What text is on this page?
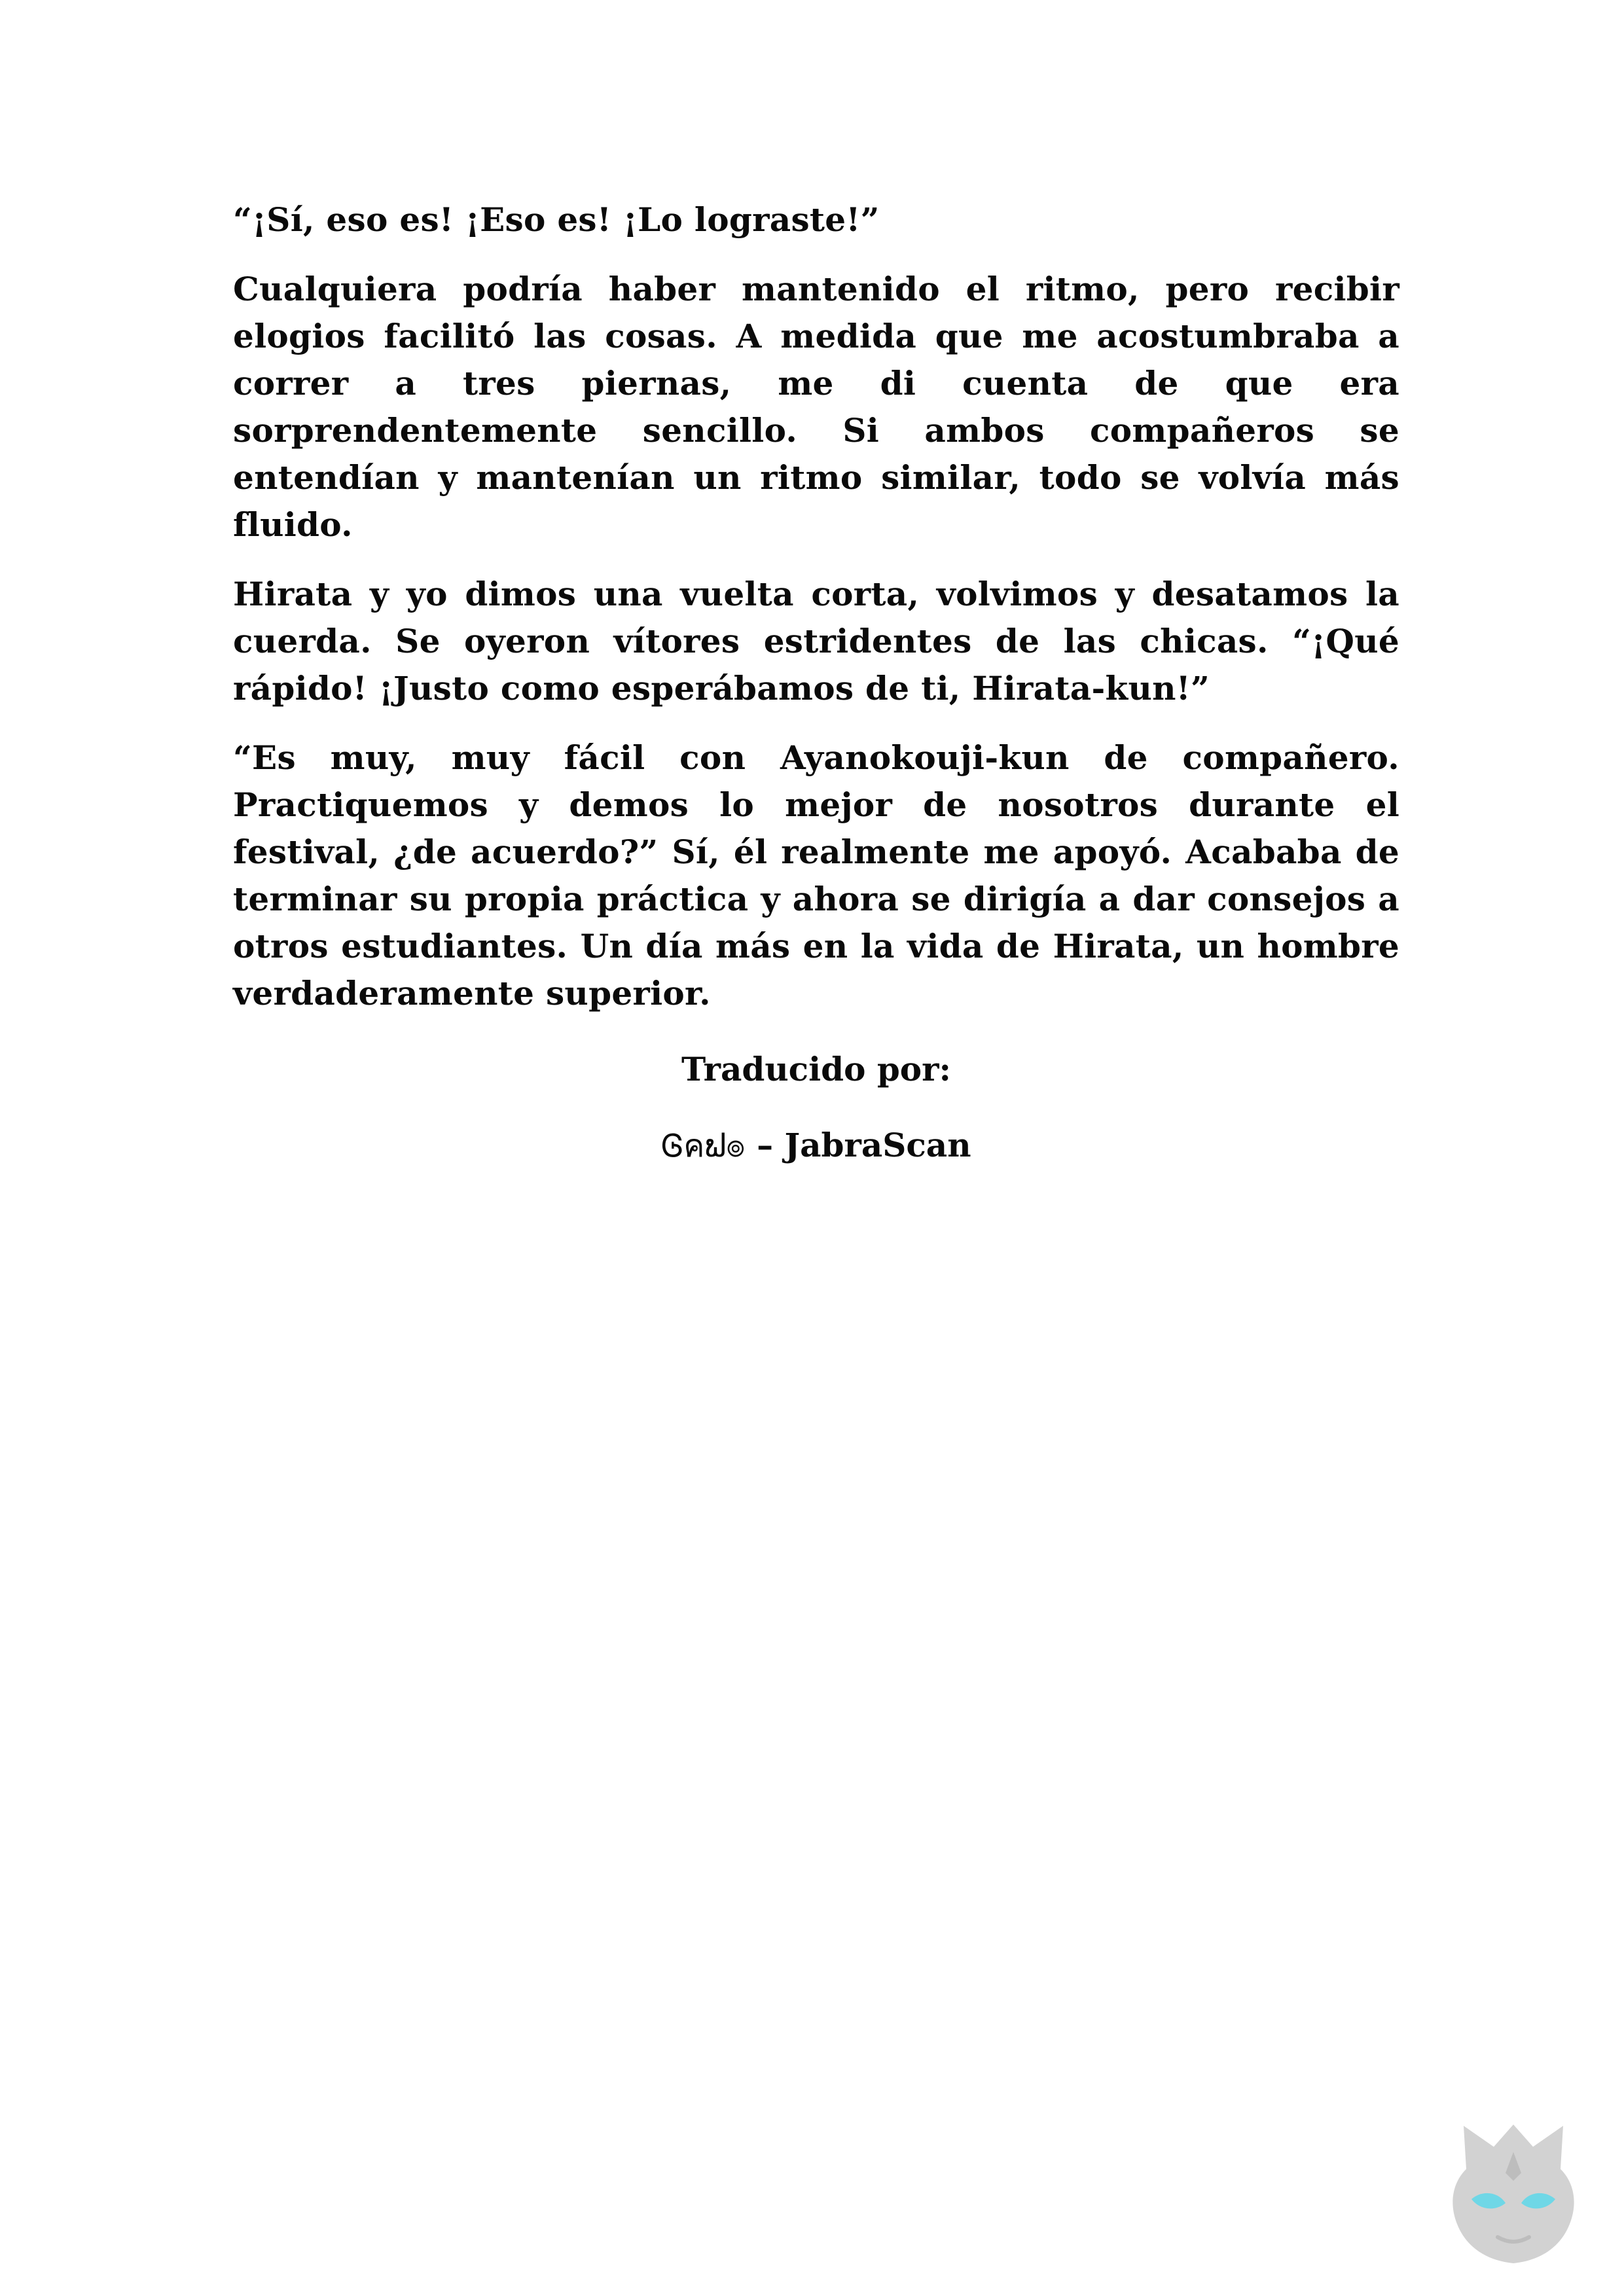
“¡Sí, eso es! ¡Eso es! ¡Lo lograste!”

Cualquiera podría haber mantenido el ritmo, pero recibir elogios facilitó las cosas. A medida que me acostumbraba a correr a tres piernas, me di cuenta de que era sorprendentemente sencillo. Si ambos compañeros se entendían y mantenían un ritmo similar, todo se volvía más fluido.

Hirata y yo dimos una vuelta corta, volvimos y desatamos la cuerda. Se oyeron vítores estridentes de las chicas. “¡Qué rápido! ¡Justo como esperábamos de ti, Hirata-kun!”

“Es muy, muy fácil con Ayanokouji-kun de compañero. Practiquemos y demos lo mejor de nosotros durante el festival, ¿de acuerdo?” Sí, él realmente me apoyó. Acababa de terminar su propia práctica y ahora se dirigía a dar consejos a otros estudiantes. Un día más en la vida de Hirata, un hombre verdaderamente superior.

Traducido por:

Ꮆคຟ๏ – JabraScan
